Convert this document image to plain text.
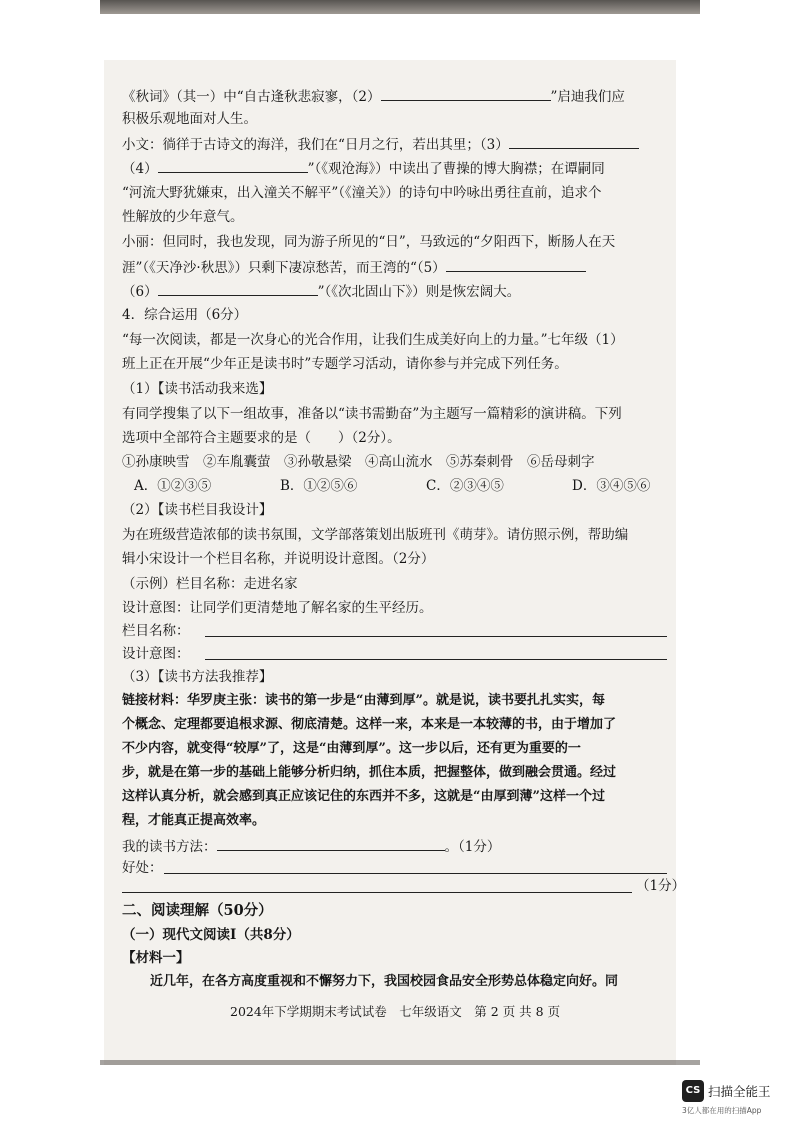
《秋词》（其一）中“自古逢秋悲寂寥，（2）	”启迪我们应
积极乐观地面对人生。
小文：徜徉于古诗文的海洋，我们在“日月之行，若出其里；（3）
（4）	”（《观沧海》）中读出了曹操的博大胸襟；在谭嗣同
“河流大野犹嫌束，出入潼关不解平”（《潼关》）的诗句中吟咏出勇往直前，追求个
性解放的少年意气。
小丽：但同时，我也发现，同为游子所见的“日”，马致远的“夕阳西下，断肠人在天
涯”（《天净沙·秋思》）只剩下凄凉愁苦，而王湾的“（5）
（6）	”（《次北固山下》）则是恢宏阔大。
4．综合运用（6分）
“每一次阅读，都是一次身心的光合作用，让我们生成美好向上的力量。”七年级（1）
班上正在开展“少年正是读书时”专题学习活动，请你参与并完成下列任务。
（1）【读书活动我来选】
有同学搜集了以下一组故事，准备以“读书需勤奋”为主题写一篇精彩的演讲稿。下列
选项中全部符合主题要求的是（　　）（2分）。
①孙康映雪　②车胤囊萤　③孙敬悬梁　④高山流水　⑤苏秦刺骨　⑥岳母刺字
A．①②③⑤	B．①②⑤⑥	C．②③④⑤	D．③④⑤⑥
（2）【读书栏目我设计】
为在班级营造浓郁的读书氛围，文学部落策划出版班刊《萌芽》。请仿照示例，帮助编
辑小宋设计一个栏目名称，并说明设计意图。（2分）
（示例）栏目名称：走进名家
设计意图：让同学们更清楚地了解名家的生平经历。
栏目名称：
设计意图：
（3）【读书方法我推荐】
链接材料：华罗庚主张：读书的第一步是“由薄到厚”。就是说，读书要扎扎实实，每
个概念、定理都要追根求源、彻底清楚。这样一来，本来是一本较薄的书，由于增加了
不少内容，就变得“较厚”了，这是“由薄到厚”。这一步以后，还有更为重要的一
步，就是在第一步的基础上能够分析归纳，抓住本质，把握整体，做到融会贯通。经过
这样认真分析，就会感到真正应该记住的东西并不多，这就是“由厚到薄”这样一个过
程，才能真正提高效率。
我的读书方法：	。（1分）
好处：
（1分）
二、阅读理解（50分）
（一）现代文阅读Ⅰ（共8分）
【材料一】
近几年，在各方高度重视和不懈努力下，我国校园食品安全形势总体稳定向好。同
2024年下学期期末考试试卷　七年级语文　第 2 页 共 8 页
CS 扫描全能王
3亿人都在用的扫描App
